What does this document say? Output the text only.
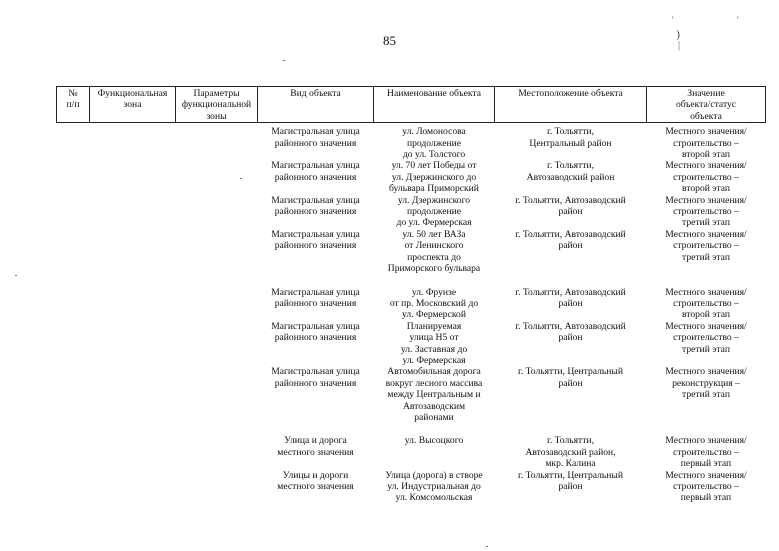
85
'	'
)
|
№
п/п	Функциональная
зона	Параметры
функциональной
зоны	Вид объекта	Наименование объекта	Местоположение объекта	Значение
объекта/статус
объекта
			Магистральная улица
районного значения	ул. Ломоносова
продолжение
до ул. Толстого	г. Тольятти,
Центральный район	Местного значения/
строительство –
второй этап
			Магистральная улица
районного значения	ул. 70 лет Победы от
ул. Дзержинского до
бульвара Приморский	г. Тольятти,
Автозаводский район	Местного значения/
строительство –
второй этап
			Магистральная улица
районного значения	ул. Дзержинского
продолжение
до ул. Фермерская	г. Тольятти, Автозаводский
район	Местного значения/
строительство –
третий этап
			Магистральная улица
районного значения	ул. 50 лет ВАЗа
от Ленинского
проспекта до
Приморского бульвара	г. Тольятти, Автозаводский
район	Местного значения/
строительство –
третий этап
			Магистральная улица
районного значения	ул. Фрунзе
от пр. Московский до
ул. Фермерской	г. Тольятти, Автозаводский
район	Местного значения/
строительство –
второй этап
			Магистральная улица
районного значения	Планируемая
улица Н5 от
ул. Заставная до
ул. Фермерская	г. Тольятти, Автозаводский
район	Местного значения/
строительство –
третий этап
			Магистральная улица
районного значения	Автомобильная дорога
вокруг лесного массива
между Центральным и
Автозаводским
районами	г. Тольятти, Центральный
район	Местного значения/
реконструкция –
третий этап
			Улица и дорога
местного значения	ул. Высоцкого	г. Тольятти,
Автозаводский район,
мкр. Калина	Местного значения/
строительство –
первый этап
			Улицы и дороги
местного значения	Улица (дорога) в створе
ул. Индустриальная до
ул. Комсомольская	г. Тольятти, Центральный
район	Местного значения/
строительство –
первый этап
